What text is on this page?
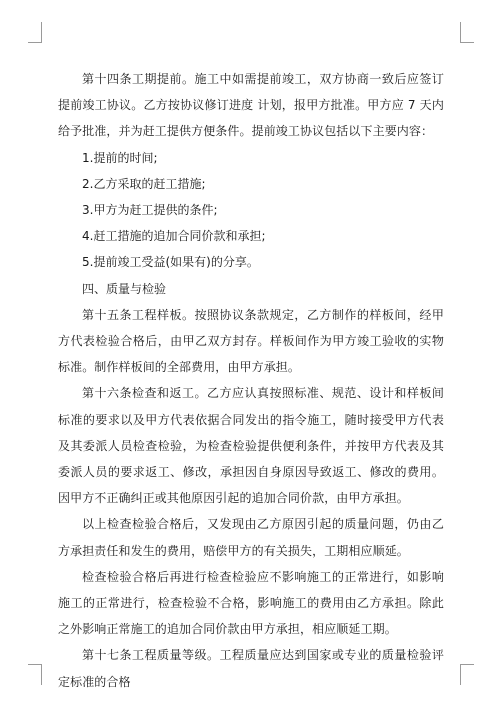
第十四条工期提前。施工中如需提前竣工，双方协商一致后应签订提前竣工协议。乙方按协议修订进度 计划，报甲方批准。甲方应 7 天内给予批准，并为赶工提供方便条件。提前竣工协议包括以下主要内容：

1.提前的时间;

2.乙方采取的赶工措施;

3.甲方为赶工提供的条件;

4.赶工措施的追加合同价款和承担;

5.提前竣工受益(如果有)的分享。

四、质量与检验

第十五条工程样板。按照协议条款规定，乙方制作的样板间，经甲方代表检验合格后，由甲乙双方封存。样板间作为甲方竣工验收的实物标准。制作样板间的全部费用，由甲方承担。

第十六条检查和返工。乙方应认真按照标准、规范、设计和样板间标准的要求以及甲方代表依据合同发出的指令施工，随时接受甲方代表及其委派人员检查检验，为检查检验提供便利条件，并按甲方代表及其委派人员的要求返工、修改，承担因自身原因导致返工、修改的费用。因甲方不正确纠正或其他原因引起的追加合同价款，由甲方承担。

以上检查检验合格后，又发现由乙方原因引起的质量问题，仍由乙方承担责任和发生的费用，赔偿甲方的有关损失，工期相应顺延。

检查检验合格后再进行检查检验应不影响施工的正常进行，如影响施工的正常进行，检查检验不合格，影响施工的费用由乙方承担。除此之外影响正常施工的追加合同价款由甲方承担，相应顺延工期。

第十七条工程质量等级。工程质量应达到国家或专业的质量检验评定标准的合格
